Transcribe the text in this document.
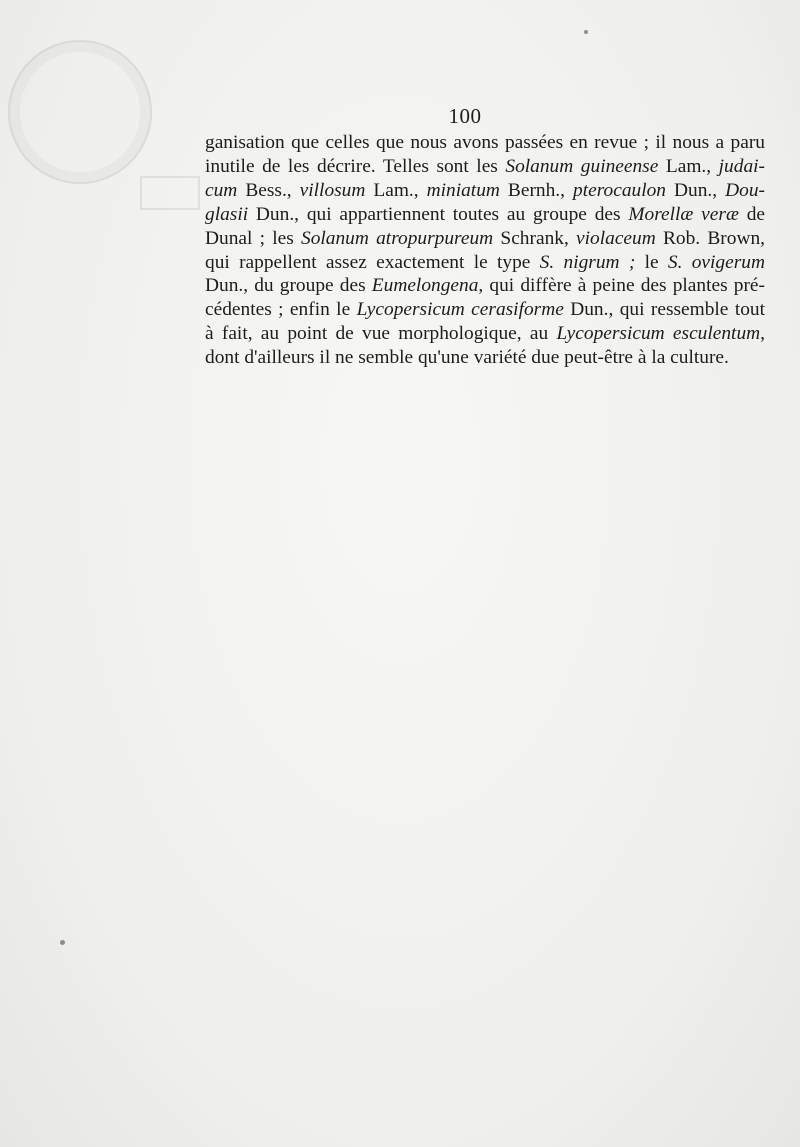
100
ganisation que celles que nous avons passées en revue ; il nous a paru
inutile de les décrire. Telles sont les Solanum guineense Lam., judai-
cum Bess., villosum Lam., miniatum Bernh., pterocaulon Dun., Dou-
glasii Dun., qui appartiennent toutes au groupe des Morellæ veræ de
Dunal ; les Solanum atropurpureum Schrank, violaceum Rob. Brown,
qui rappellent assez exactement le type S. nigrum ; le S. ovigerum
Dun., du groupe des Eumelongena, qui diffère à peine des plantes pré-
cédentes ; enfin le Lycopersicum cerasiforme Dun., qui ressemble tout
à fait, au point de vue morphologique, au Lycopersicum esculentum,
dont d'ailleurs il ne semble qu'une variété due peut-être à la culture.
